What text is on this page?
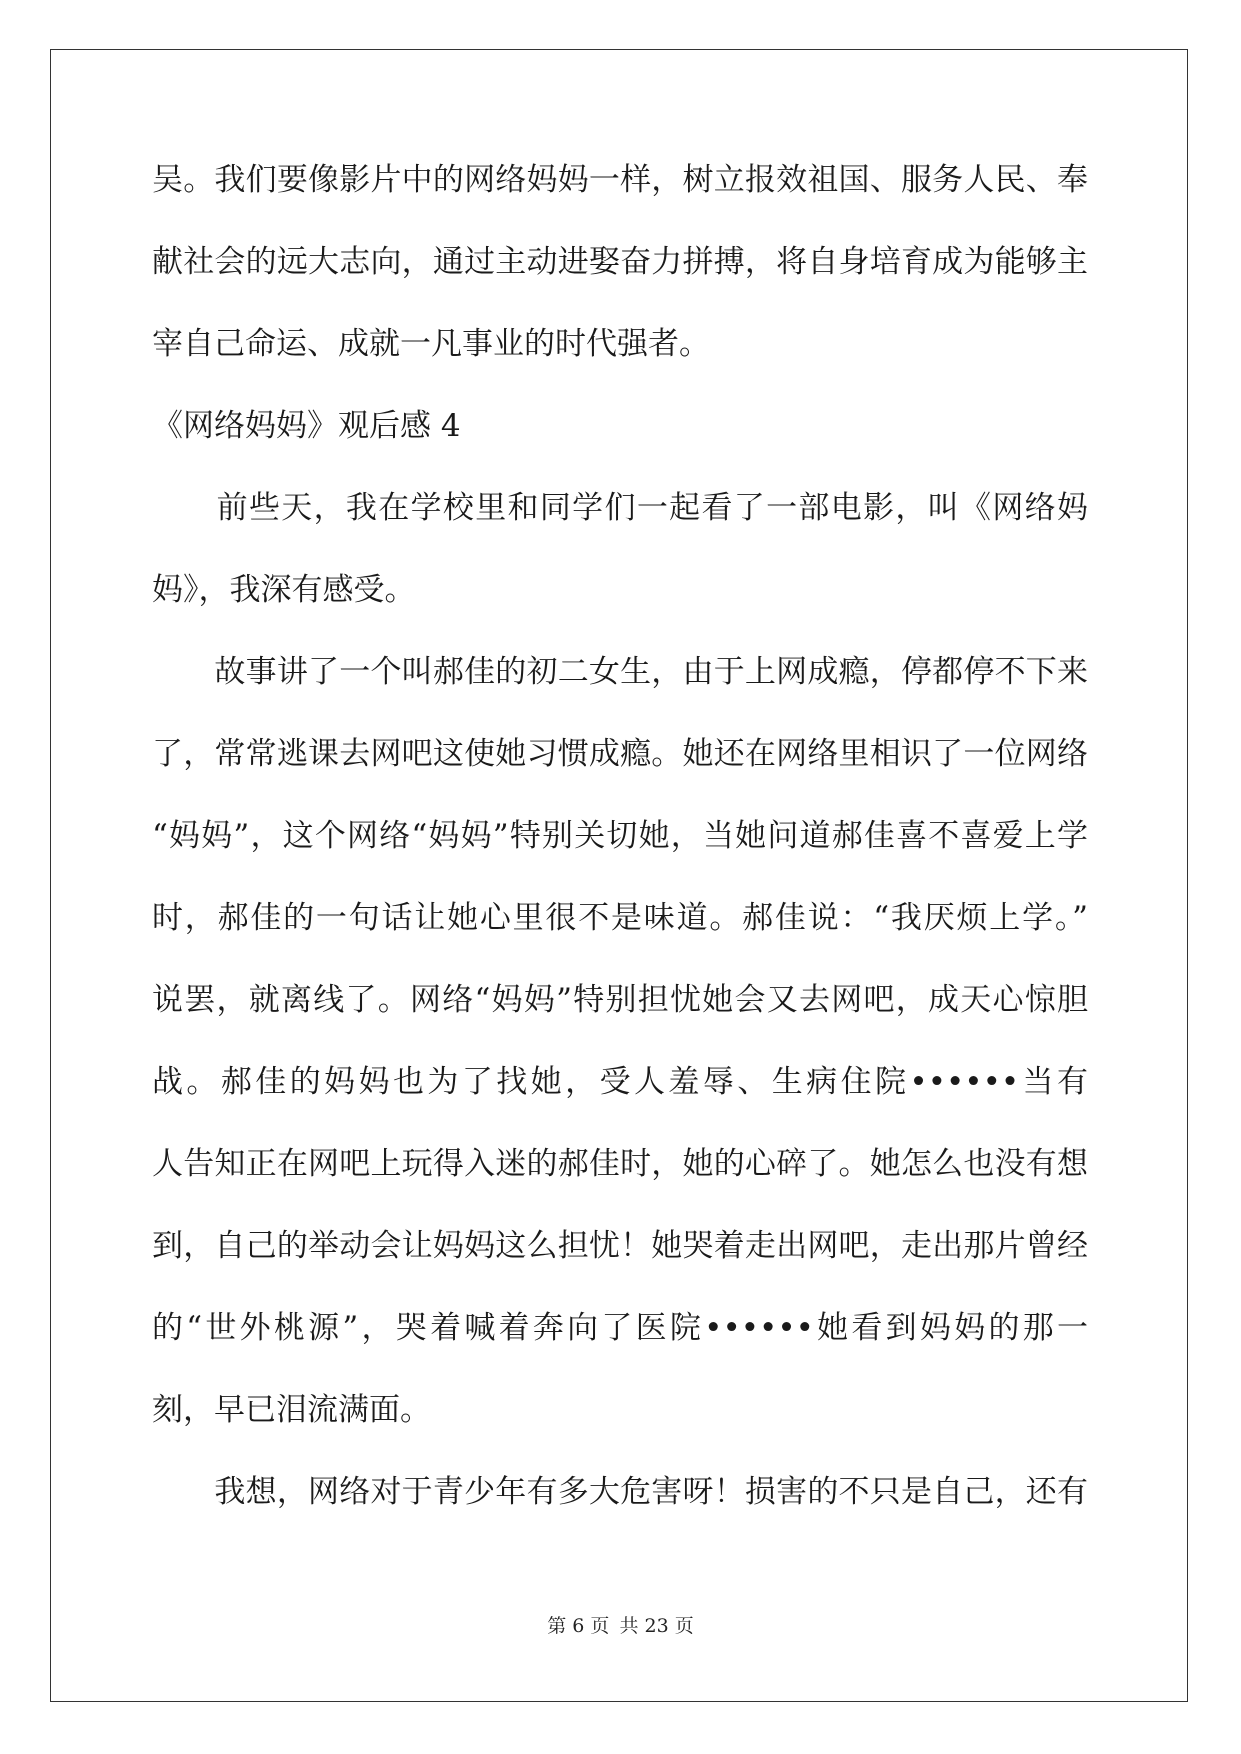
吴。我们要像影片中的网络妈妈一样，树立报效祖国、服务人民、奉
献社会的远大志向，通过主动进娶奋力拼搏，将自身培育成为能够主
宰自己命运、成就一凡事业的时代强者。
《网络妈妈》观后感 4
　　前些天，我在学校里和同学们一起看了一部电影，叫《网络妈
妈》，我深有感受。
　　故事讲了一个叫郝佳的初二女生，由于上网成瘾，停都停不下来
了，常常逃课去网吧这使她习惯成瘾。她还在网络里相识了一位网络
“妈妈”，这个网络“妈妈”特别关切她，当她问道郝佳喜不喜爱上学
时，郝佳的一句话让她心里很不是味道。郝佳说：“我厌烦上学。”
说罢，就离线了。网络“妈妈”特别担忧她会又去网吧，成天心惊胆
战。郝佳的妈妈也为了找她，受人羞辱、生病住院••••••当有
人告知正在网吧上玩得入迷的郝佳时，她的心碎了。她怎么也没有想
到，自己的举动会让妈妈这么担忧！她哭着走出网吧，走出那片曾经
的“世外桃源”，哭着喊着奔向了医院••••••她看到妈妈的那一
刻，早已泪流满面。
　　我想，网络对于青少年有多大危害呀！损害的不只是自己，还有
第 6 页 共 23 页
